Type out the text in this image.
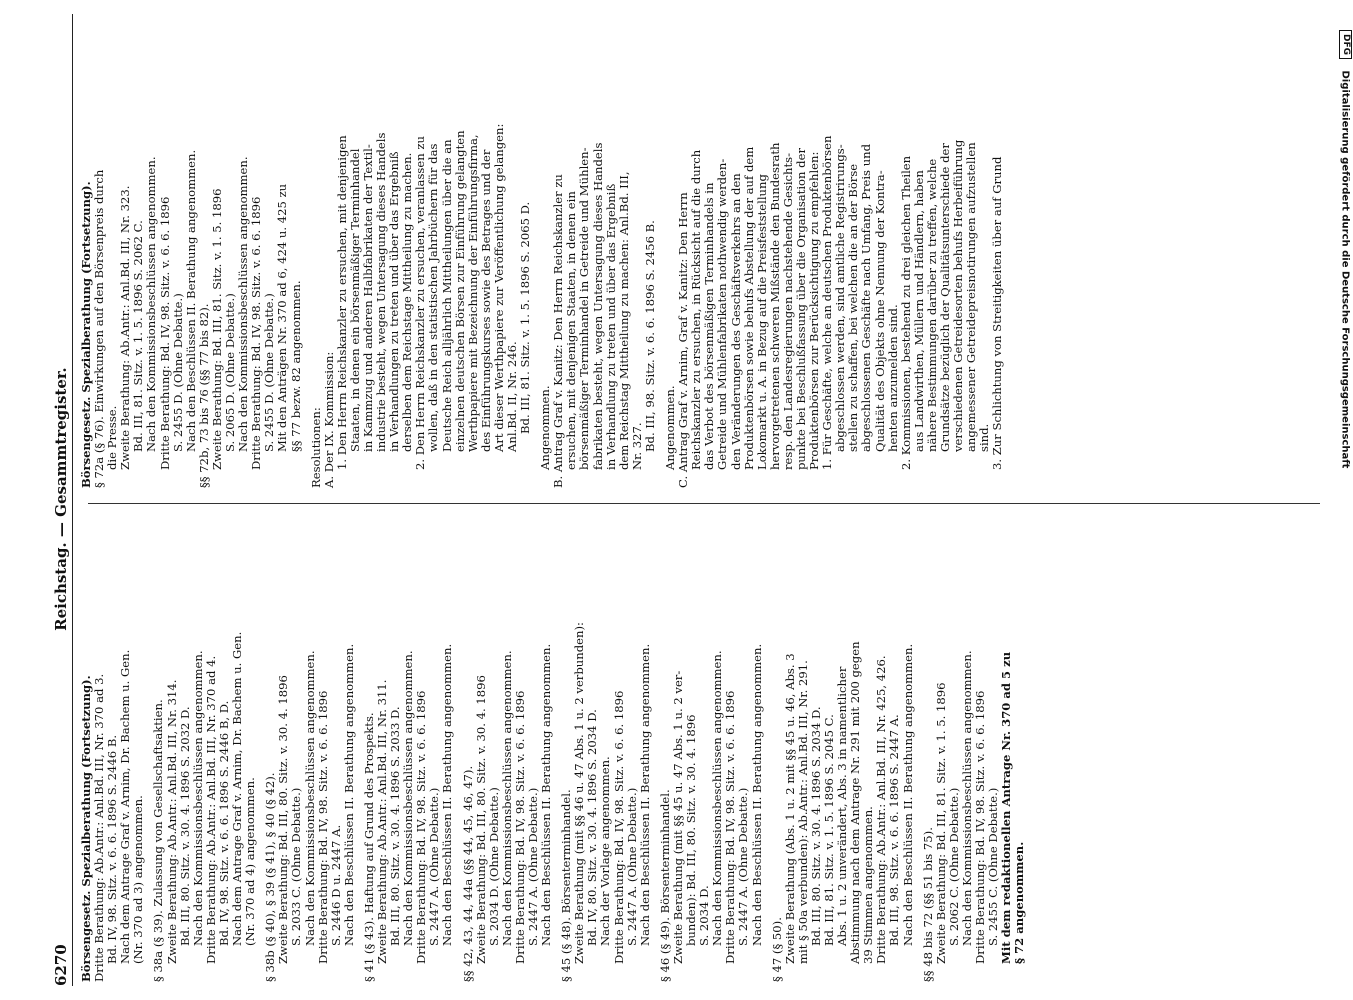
6270
Reichstag. — Gesammtregister.
Börsengesetz. Spezialberathung (Fortsetzung). Dritte Berathung: Ab.Antr.: Anl.Bd. III, Nr. 370 ad 3. Bd. IV, 98. Sitz. v. 6. 6. 1896 S. 2446 B. Nach dem Antrage Graf v. Arnim, Dr. Bachem u. Gen. (Nr. 370 ad 3) angenommen. § 38a (§ 39). Zulassung von Gesellschaftsaktien. Zweite Berathung: Ab.Antr.: Anl.Bd. III, Nr. 314. Bd. III, 80. Sitz. v. 30. 4. 1896 S. 2032 D. Nach den Kommissionsbeschlüssen angenommen. Dritte Berathung: Ab.Antr.: Anl.Bd. III, Nr. 370 ad 4. Bd. IV, 98. Sitz. v. 6. 6. 1896 S. 2446 B, D. Nach dem Antrage Graf v. Arnim, Dr. Bachem u. Gen. (Nr. 370 ad 4) angenommen. § 38b (§ 40), § 39 (§ 41), § 40 (§ 42). Zweite Berathung: Bd. III, 80. Sitz. v. 30. 4. 1896 S. 2033 C. (Ohne Debatte.) Nach den Kommissionsbeschlüssen angenommen. Dritte Berathung: Bd. IV, 98. Sitz. v. 6. 6. 1896 S. 2446 D u. 2447 A. Nach den Beschlüssen II. Berathung angenommen. § 41 (§ 43). Haftung auf Grund des Prospekts. Zweite Berathung: Ab.Antr.: Anl.Bd. III, Nr. 311. Bd. III, 80. Sitz. v. 30. 4. 1896 S. 2033 D. Nach den Kommissionsbeschlüssen angenommen. Dritte Berathung: Bd. IV, 98. Sitz. v. 6. 6. 1896 S. 2447 A. (Ohne Debatte.) Nach den Beschlüssen II. Berathung angenommen. §§ 42, 43, 44, 44a (§§ 44, 45, 46, 47). Zweite Berathung: Bd. III, 80. Sitz. v. 30. 4. 1896 S. 2034 D. (Ohne Debatte.) Nach den Kommissionsbeschlüssen angenommen. Dritte Berathung: Bd. IV, 98. Sitz. v. 6. 6. 1896 S. 2447 A. (Ohne Debatte.) Nach den Beschlüssen II. Berathung angenommen. § 45 (§ 48). Börsenterminhandel. Zweite Berathung (mit §§ 46 u. 47 Abs. 1 u. 2 verbunden): Bd. IV, 80. Sitz. v. 30. 4. 1896 S. 2034 D. Nach der Vorlage angenommen. Dritte Berathung: Bd. IV, 98. Sitz. v. 6. 6. 1896 S. 2447 A. (Ohne Debatte.) Nach den Beschlüssen II. Berathung angenommen. § 46 (§ 49). Börsenterminhandel. Zweite Berathung (mit §§ 45 u. 47 Abs. 1 u. 2 ver- bunden): Bd. III, 80. Sitz. v. 30. 4. 1896 S. 2034 D. Nach den Kommissionsbeschlüssen angenommen. Dritte Berathung: Bd. IV, 98. Sitz. v. 6. 6. 1896 S. 2447 A. (Ohne Debatte.) Nach den Beschlüssen II. Berathung angenommen.
§ 47 (§ 50). Zweite Berathung (Abs. 1 u. 2 mit §§ 45 u. 46, Abs. 3 mit § 50a verbunden): Ab.Antr.: Anl.Bd. III, Nr. 291. Bd. III, 80. Sitz. v. 30. 4. 1896 S. 2034 D. Bd. III, 81. Sitz. v. 1. 5. 1896 S. 2045 C. Abs. 1 u. 2 unverändert, Abs. 3 in namentlicher Abstimmung nach dem Antrage Nr. 291 mit 200 gegen 39 Stimmen angenommen. Dritte Berathung: Ab.Antr.: Anl.Bd. III, Nr. 425, 426. Bd. III, 98. Sitz. v. 6. 6. 1896 S. 2447 A. Nach den Beschlüssen II. Berathung angenommen. §§ 48 bis 72 (§§ 51 bis 75). Zweite Berathung: Bd. III, 81. Sitz. v. 1. 5. 1896 S. 2062 C. (Ohne Debatte.) Nach den Kommissionsbeschlüssen angenommen. Dritte Berathung: Bd. IV, 98. Sitz. v. 6. 6. 1896 S. 2455 C. (Ohne Debatte.) Mit dem redaktionellen Antrage Nr. 370 ad 5 zu § 72 angenommen.
Börsengesetz. Spezialberathung (Fortsetzung). § 72a (§ 76). Einwirkungen auf den Börsenpreis durch die Presse. Zweite Berathung: Ab.Antr.: Anl.Bd. III, Nr. 323. Bd. III, 81. Sitz. v. 1. 5. 1896 S. 2062 C. Nach den Kommissionsbeschlüssen angenommen. Dritte Berathung: Bd. IV, 98. Sitz. v. 6. 6. 1896 S. 2455 D. (Ohne Debatte.) Nach den Beschlüssen II. Berathung angenommen. §§ 72b, 73 bis 76 (§§ 77 bis 82). Zweite Berathung: Bd. III, 81. Sitz. v. 1. 5. 1896 S. 2065 D. (Ohne Debatte.) Nach den Kommissionsbeschlüssen angenommen. Dritte Berathung: Bd. IV, 98. Sitz. v. 6. 6. 1896 S. 2455 D. (Ohne Debatte.) Mit den Anträgen Nr. 370 ad 6, 424 u. 425 zu §§ 77 bezw. 82 angenommen. Resolutionen: A. Der IX. Kommission: 1. Den Herrn Reichskanzler zu ersuchen, mit denjenigen Staaten, in denen ein börsenmäßiger Terminhandel in Kammzug und anderen Halbfabrikaten der Textil- industrie besteht, wegen Untersagung dieses Handels in Verhandlungen zu treten und über das Ergebniß derselben dem Reichstage Mittheilung zu machen. 2. Den Herrn Reichskanzler zu ersuchen, veranlassen zu wollen, daß in den statistischen Jahrbüchern für das Deutsche Reich alljährlich Mittheilungen über die an einzelnen deutschen Börsen zur Einführung gelangten Werthpapiere mit Bezeichnung der Einführungsfirma, des Einführungskurses sowie des Betrages und der Art dieser Werthpapiere zur Veröffentlichung gelangen: Anl.Bd. II, Nr. 246. Bd. III, 81. Sitz. v. 1. 5. 1896 S. 2065 D. Angenommen. B. Antrag Graf v. Kanitz: Den Herrn Reichskanzler zu ersuchen, mit denjenigen Staaten, in denen ein börsenmäßiger Terminhandel in Getreide und Mühlen- fabrikaten besteht, wegen Untersagung dieses Handels in Verhandlung zu treten und über das Ergebniß dem Reichstag Mittheilung zu machen: Anl.Bd. III, Nr. 327. Bd. III, 98. Sitz. v. 6. 6. 1896 S. 2456 B. Angenommen. C. Antrag Graf v. Arnim, Graf v. Kanitz: Den Herrn Reichskanzler zu ersuchen, in Rücksicht auf die durch das Verbot des börsenmäßigen Terminhandels in Getreide und Mühlenfabrikaten nothwendig werden- den Veränderungen des Geschäftsverkehrs an den Produktenbörsen sowie behufs Abstellung der auf dem Lokomarkt u. A. in Bezug auf die Preisfeststellung hervorgetretenen schweren Mißstände den Bundesrath resp. den Landesregierungen nachstehende Gesichts- punkte bei Beschlußfassung über die Organisation der Produktenbörsen zur Berücksichtigung zu empfehlen: 1. Für Geschäfte, welche an deutschen Produktenbörsen abgeschlossen werden, sind amtliche Registrirungs- stellen zu schaffen, bei welchen die an der Börse abgeschlossenen Geschäfte nach Umfang, Preis und Qualität des Objekts ohne Nennung der Kontra- henten anzumelden sind. 2. Kommissionen, bestehend zu drei gleichen Theilen aus Landwirthen, Müllern und Händlern, haben nähere Bestimmungen darüber zu treffen, welche Grundsätze bezüglich der Qualitätsunterschiede der verschiedenen Getreidesorten behufs Herbeiführung angemessener Getreidepreisnotirungen aufzustellen sind. 3. Zur Schlichtung von Streitigkeiten über auf Grund
DFG Digitalisierung gefördert durch die Deutsche Forschungsgemeinschaft
